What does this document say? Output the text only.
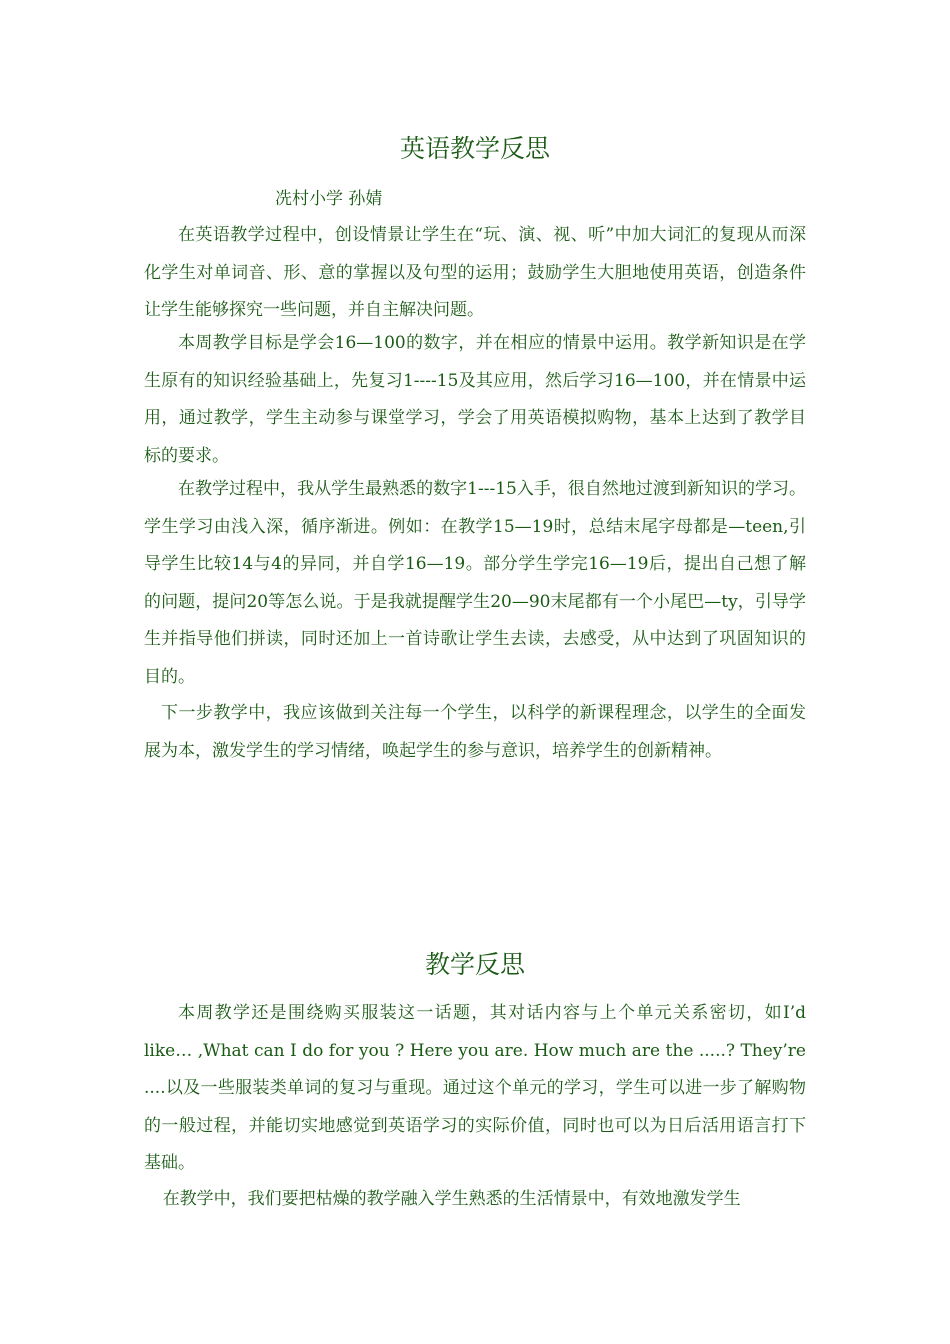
英语教学反思
冼村小学 孙婧

在英语教学过程中，创设情景让学生在“玩、演、视、听”中加大词汇的复现从而深化学生对单词音、形、意的掌握以及句型的运用；鼓励学生大胆地使用英语，创造条件让学生能够探究一些问题，并自主解决问题。

本周教学目标是学会16—100的数字，并在相应的情景中运用。教学新知识是在学生原有的知识经验基础上，先复习1----15及其应用，然后学习16—100，并在情景中运用，通过教学，学生主动参与课堂学习，学会了用英语模拟购物，基本上达到了教学目标的要求。

在教学过程中，我从学生最熟悉的数字1---15入手，很自然地过渡到新知识的学习。学生学习由浅入深，循序渐进。例如：在教学15—19时，总结末尾字母都是—teen,引导学生比较14与4的异同，并自学16—19。部分学生学完16—19后，提出自己想了解的问题，提问20等怎么说。于是我就提醒学生20—90末尾都有一个小尾巴—ty，引导学生并指导他们拼读，同时还加上一首诗歌让学生去读，去感受，从中达到了巩固知识的目的。

下一步教学中，我应该做到关注每一个学生，以科学的新课程理念，以学生的全面发展为本，激发学生的学习情绪，唤起学生的参与意识，培养学生的创新精神。

教学反思

本周教学还是围绕购买服装这一话题，其对话内容与上个单元关系密切，如I’d like… ,What can I do for you ? Here you are. How much are the .....? They’re ....以及一些服装类单词的复习与重现。通过这个单元的学习，学生可以进一步了解购物的一般过程，并能切实地感觉到英语学习的实际价值，同时也可以为日后活用语言打下基础。

在教学中，我们要把枯燥的教学融入学生熟悉的生活情景中，有效地激发学生
